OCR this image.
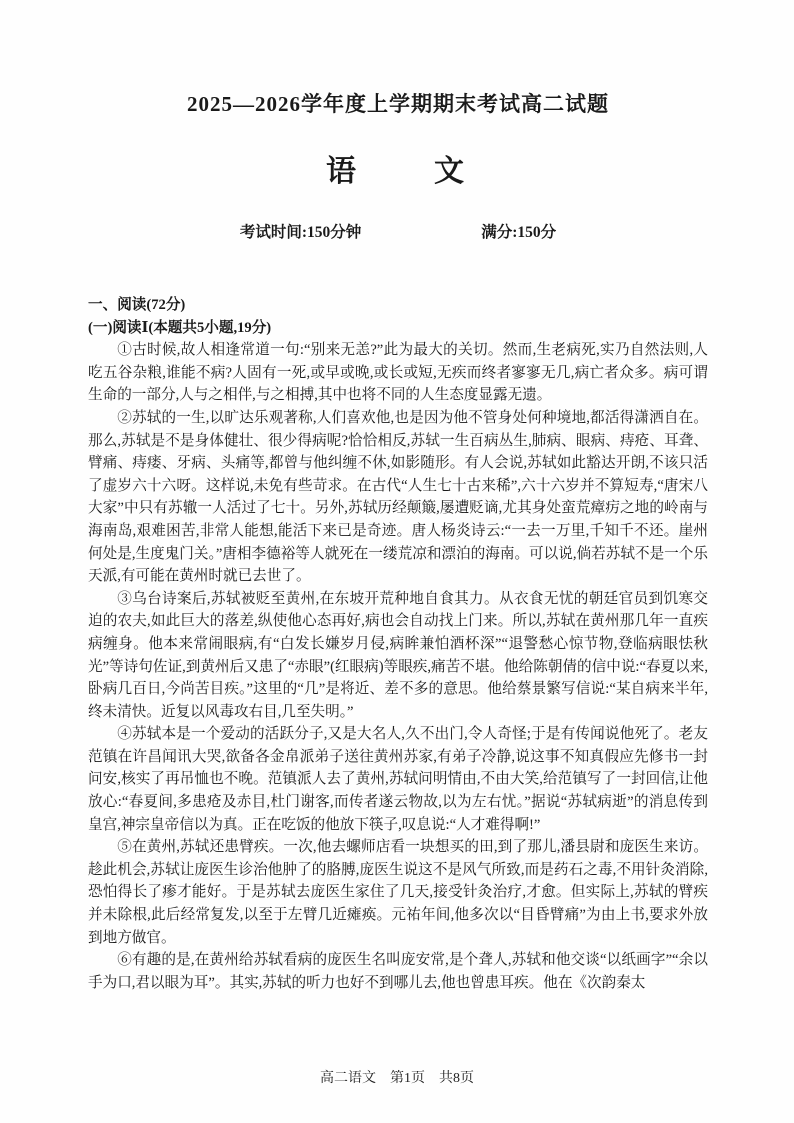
2025—2026学年度上学期期末考试高二试题
语　　文
考试时间:150分钟	满分:150分
一、阅读(72分)
(一)阅读Ⅰ(本题共5小题,19分)

①古时候,故人相逢常道一句:“别来无恙?”此为最大的关切。然而,生老病死,实乃自然法则,人吃五谷杂粮,谁能不病?人固有一死,或早或晚,或长或短,无疾而终者寥寥无几,病亡者众多。病可谓生命的一部分,人与之相伴,与之相搏,其中也将不同的人生态度显露无遗。

②苏轼的一生,以旷达乐观著称,人们喜欢他,也是因为他不管身处何种境地,都活得潇洒自在。那么,苏轼是不是身体健壮、很少得病呢?恰恰相反,苏轼一生百病丛生,肺病、眼病、痔疮、耳聋、臂痛、痔瘘、牙病、头痛等,都曾与他纠缠不休,如影随形。有人会说,苏轼如此豁达开朗,不该只活了虚岁六十六呀。这样说,未免有些苛求。在古代“人生七十古来稀”,六十六岁并不算短寿,“唐宋八大家”中只有苏辙一人活过了七十。另外,苏轼历经颠簸,屡遭贬谪,尤其身处蛮荒瘴疠之地的岭南与海南岛,艰难困苦,非常人能想,能活下来已是奇迹。唐人杨炎诗云:“一去一万里,千知千不还。崖州何处是,生度鬼门关。”唐相李德裕等人就死在一缕荒凉和漂泊的海南。可以说,倘若苏轼不是一个乐天派,有可能在黄州时就已去世了。

③乌台诗案后,苏轼被贬至黄州,在东坡开荒种地自食其力。从衣食无忧的朝廷官员到饥寒交迫的农夫,如此巨大的落差,纵使他心态再好,病也会自动找上门来。所以,苏轼在黄州那几年一直疾病缠身。他本来常闹眼病,有“白发长嫌岁月侵,病眸兼怕酒杯深”“退警愁心惊节物,登临病眼怯秋光”等诗句佐证,到黄州后又患了“赤眼”(红眼病)等眼疾,痛苦不堪。他给陈朝倩的信中说:“春夏以来,卧病几百日,今尚苦目疾。”这里的“几”是将近、差不多的意思。他给蔡景繁写信说:“某自病来半年,终未清快。近复以风毒攻右目,几至失明。”

④苏轼本是一个爱动的活跃分子,又是大名人,久不出门,令人奇怪;于是有传闻说他死了。老友范镇在许昌闻讯大哭,欲备各金帛派弟子送往黄州苏家,有弟子冷静,说这事不知真假应先修书一封问安,核实了再吊恤也不晚。范镇派人去了黄州,苏轼问明情由,不由大笑,给范镇写了一封回信,让他放心:“春夏间,多患疮及赤目,杜门谢客,而传者遂云物故,以为左右忧。”据说“苏轼病逝”的消息传到皇宫,神宗皇帝信以为真。正在吃饭的他放下筷子,叹息说:“人才难得啊!”

⑤在黄州,苏轼还患臂疾。一次,他去螺师店看一块想买的田,到了那儿,潘县尉和庞医生来访。趁此机会,苏轼让庞医生诊治他肿了的胳膊,庞医生说这不是风气所致,而是药石之毒,不用针灸消除,恐怕得长了瘆才能好。于是苏轼去庞医生家住了几天,接受针灸治疗,才愈。但实际上,苏轼的臂疾并未除根,此后经常复发,以至于左臂几近瘫痪。元祐年间,他多次以“目昏臂痛”为由上书,要求外放到地方做官。

⑥有趣的是,在黄州给苏轼看病的庞医生名叫庞安常,是个聋人,苏轼和他交谈“以纸画字”“余以手为口,君以眼为耳”。其实,苏轼的听力也好不到哪儿去,他也曾患耳疾。他在《次韵秦太

高二语文　第1页　共8页
